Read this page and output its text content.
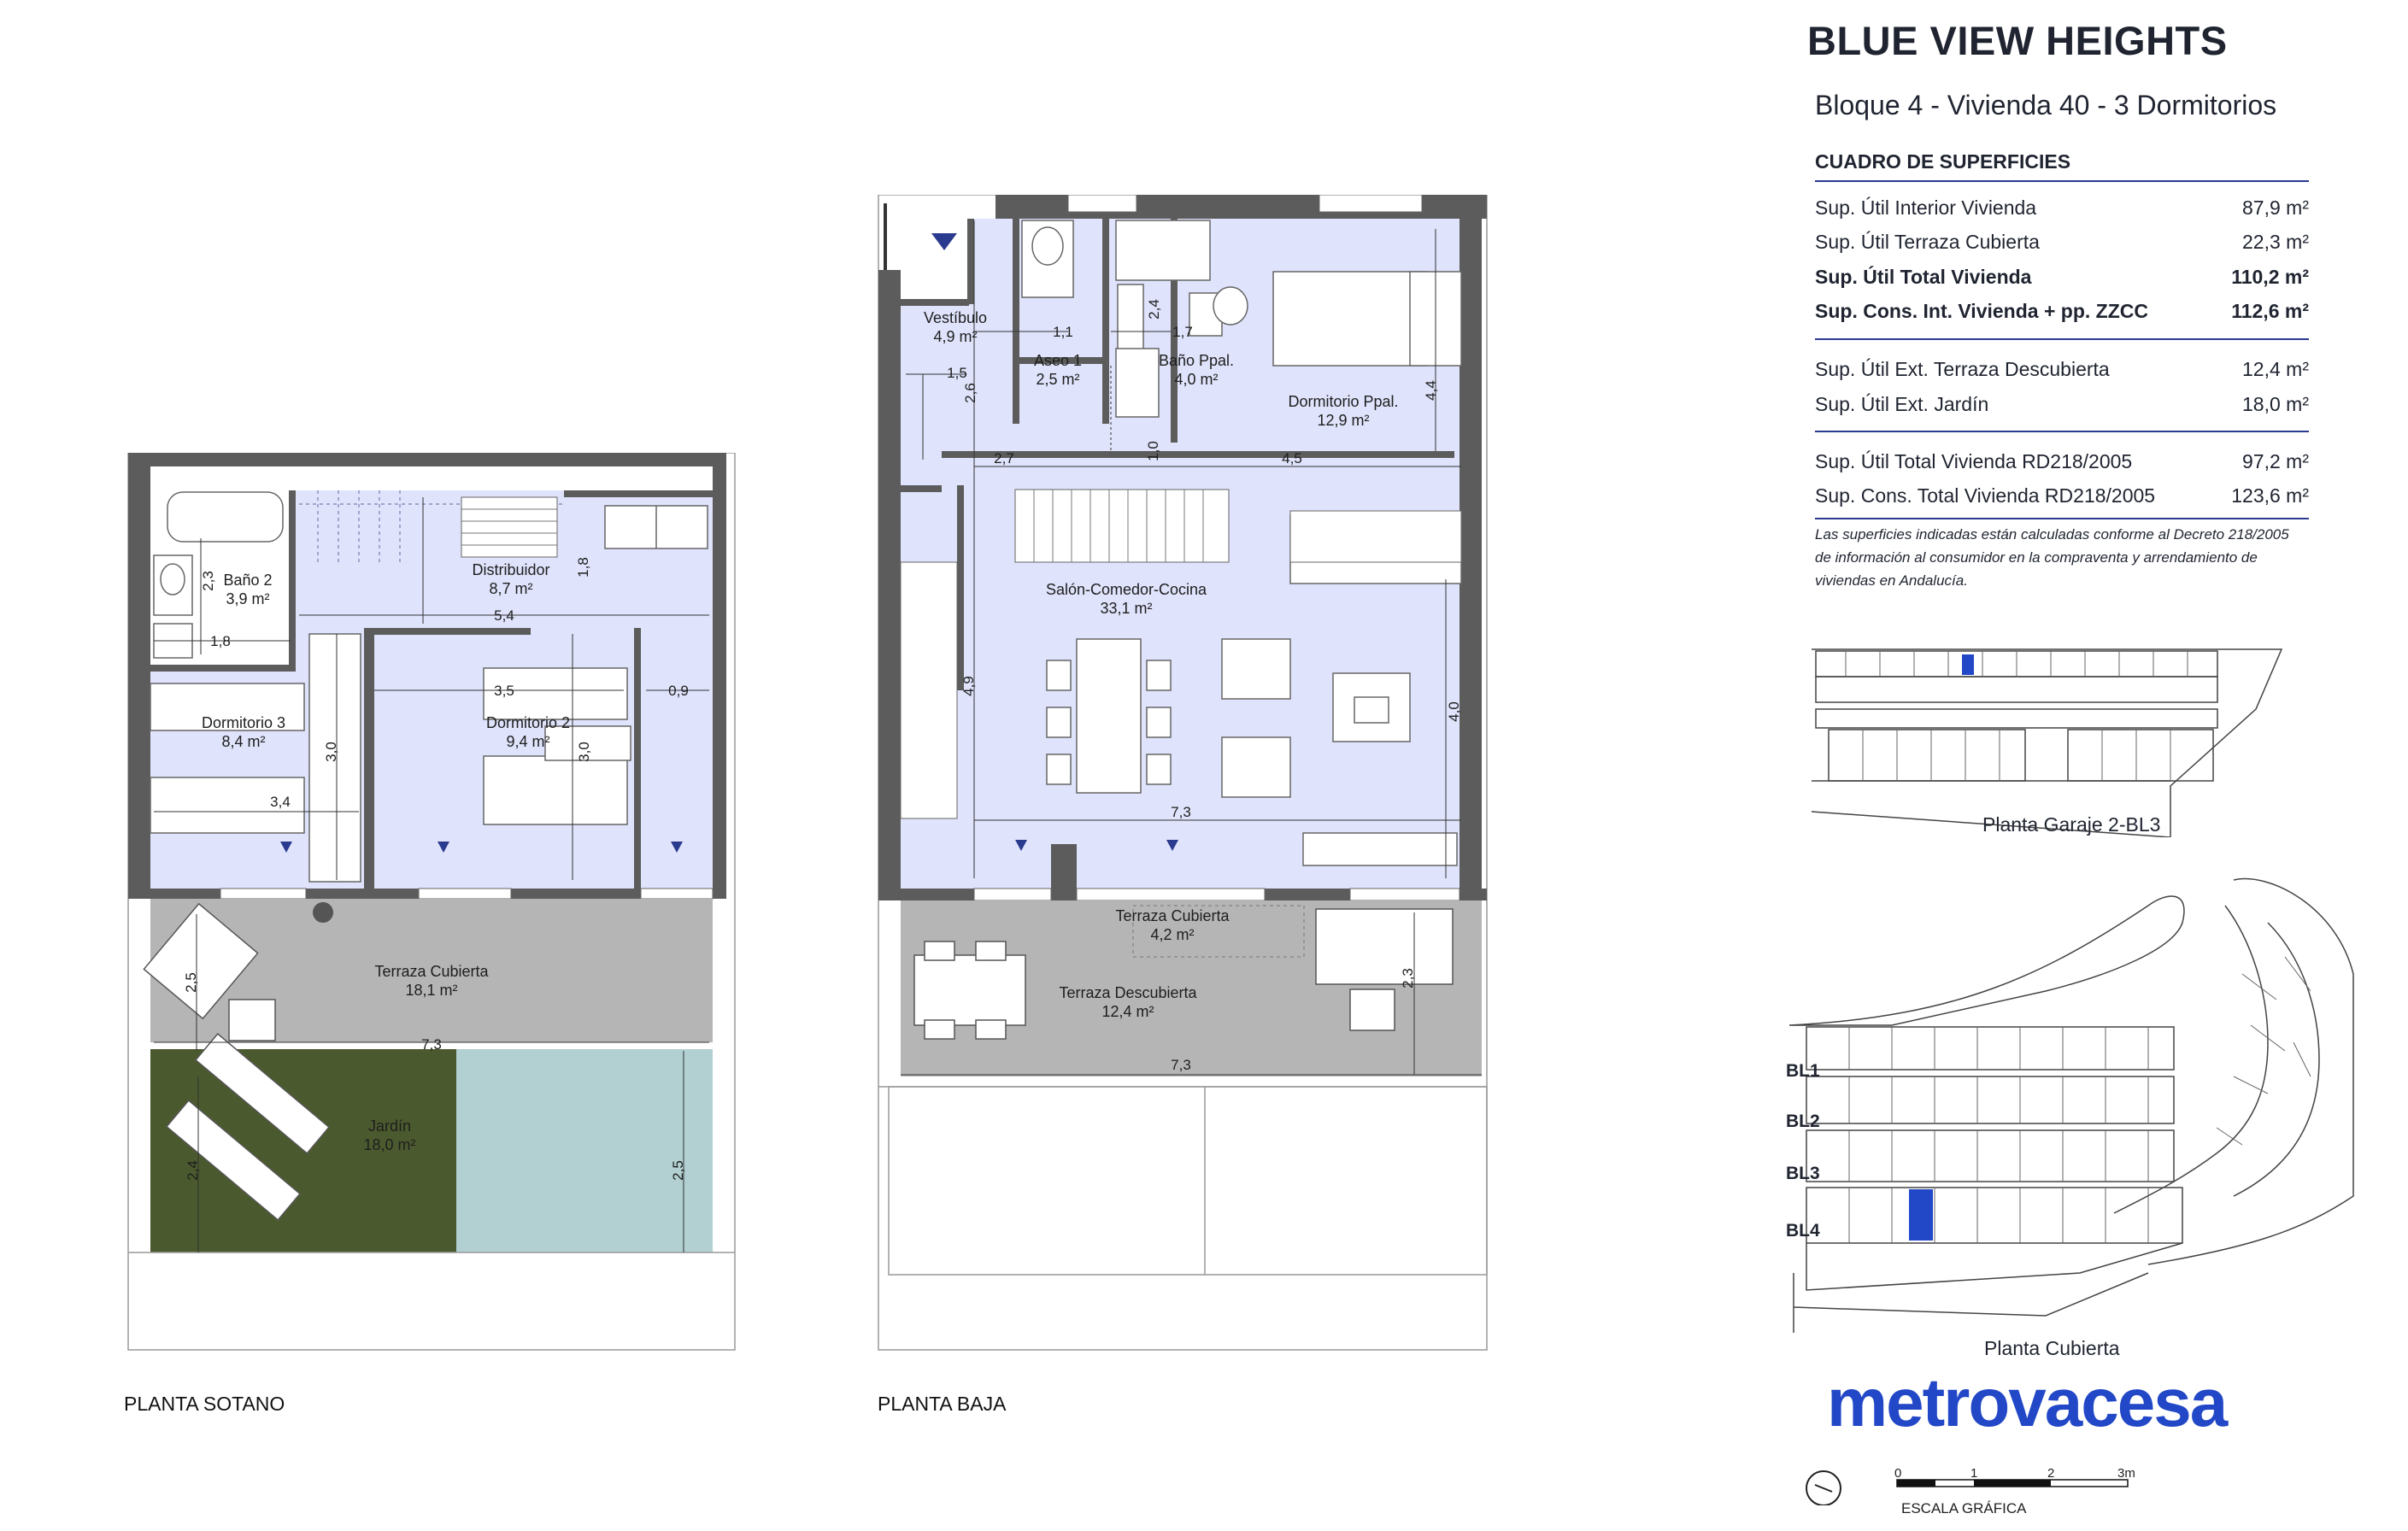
BLUE VIEW HEIGHTS
Bloque 4 - Vivienda 40 - 3 Dormitorios
CUADRO DE SUPERFICIES
Sup. Útil Interior Vivienda	87,9 m²
Sup. Útil Terraza Cubierta	22,3 m²
Sup. Útil Total Vivienda	110,2 m²
Sup. Cons. Int. Vivienda + pp. ZZCC	112,6 m²
Sup. Útil Ext. Terraza Descubierta	12,4 m²
Sup. Útil Ext. Jardín	18,0 m²
Sup. Útil Total Vivienda RD218/2005	97,2 m²
Sup. Cons. Total Vivienda RD218/2005	123,6 m²
Las superficies indicadas están calculadas conforme al Decreto 218/2005 de información al consumidor en la compraventa y arrendamiento de viviendas en Andalucía.
Planta Garaje 2-BL3
BL1
BL2
BL3
BL4
Planta Cubierta
metrovacesa
0	1	2	3m
ESCALA GRÁFICA
Baño 2
3,9 m²
Distribuidor
8,7 m²
Dormitorio 3
8,4 m²
Dormitorio 2
9,4 m²
Terraza Cubierta
18,1 m²
Jardín
18,0 m²
2,3
1,8
1,8
5,4
3,5	0,9
3,0	3,0
3,4
2,5
7,3
2,4	2,5
PLANTA SOTANO
Vestíbulo
4,9 m²
Aseo 1
2,5 m²
Baño Ppal.
4,0 m²
Dormitorio Ppal.
12,9 m²
Salón-Comedor-Cocina
33,1 m²
Terraza Cubierta
4,2 m²
Terraza Descubierta
12,4 m²
1,1
2,4
1,7
1,5
2,6	4,4
1,0
2,7	4,5
4,9
4,0
7,3
2,3
7,3
PLANTA BAJA
